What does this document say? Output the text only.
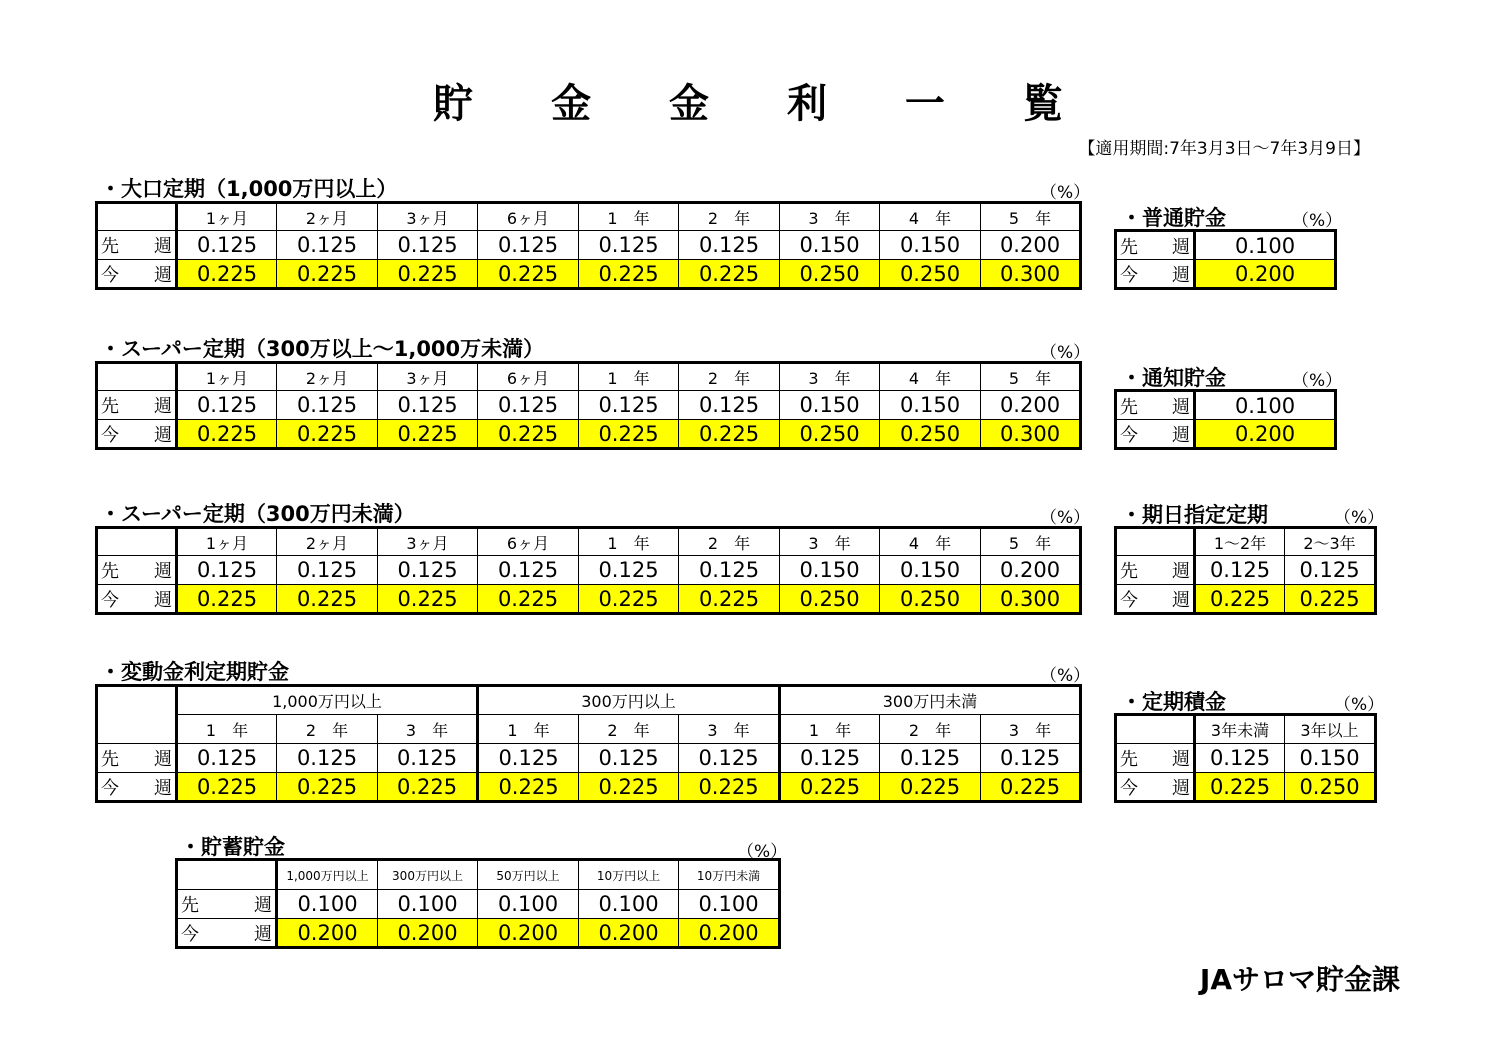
貯 金 金 利 一 覧
【適用期間:7年3月3日〜7年3月9日】
・大口定期（1,000万円以上）	（%）
	1ヶ月	2ヶ月	3ヶ月	6ヶ月	1　年	2　年	3　年	4　年	5　年

先 週	0.125	0.125	0.125	0.125	0.125	0.125	0.150	0.150	0.200

今 週	0.225	0.225	0.225	0.225	0.225	0.225	0.250	0.250	0.300
・普通貯金	（%）
先 週	0.100

今 週	0.200
・スーパー定期（300万以上〜1,000万未満）	（%）
	1ヶ月	2ヶ月	3ヶ月	6ヶ月	1　年	2　年	3　年	4　年	5　年

先 週	0.125	0.125	0.125	0.125	0.125	0.125	0.150	0.150	0.200

今 週	0.225	0.225	0.225	0.225	0.225	0.225	0.250	0.250	0.300
・通知貯金	（%）
先 週	0.100

今 週	0.200
・スーパー定期（300万円未満）	（%）
	1ヶ月	2ヶ月	3ヶ月	6ヶ月	1　年	2　年	3　年	4　年	5　年

先 週	0.125	0.125	0.125	0.125	0.125	0.125	0.150	0.150	0.200

今 週	0.225	0.225	0.225	0.225	0.225	0.225	0.250	0.250	0.300
・期日指定定期	（%）
	1〜2年	2〜3年

先 週	0.125	0.125

今 週	0.225	0.225
・変動金利定期貯金	（%）
	1,000万円以上			300万円以上			300万円未満		
	1　年	2　年	3　年	1　年	2　年	3　年	1　年	2　年	3　年

先 週	0.125	0.125	0.125	0.125	0.125	0.125	0.125	0.125	0.125

今 週	0.225	0.225	0.225	0.225	0.225	0.225	0.225	0.225	0.225
・定期積金	（%）
	3年未満	3年以上

先 週	0.125	0.150

今 週	0.225	0.250
・貯蓄貯金	（%）
	1,000万円以上	300万円以上	50万円以上	10万円以上	10万円未満

先 週	0.100	0.100	0.100	0.100	0.100

今 週	0.200	0.200	0.200	0.200	0.200
JAサロマ貯金課
